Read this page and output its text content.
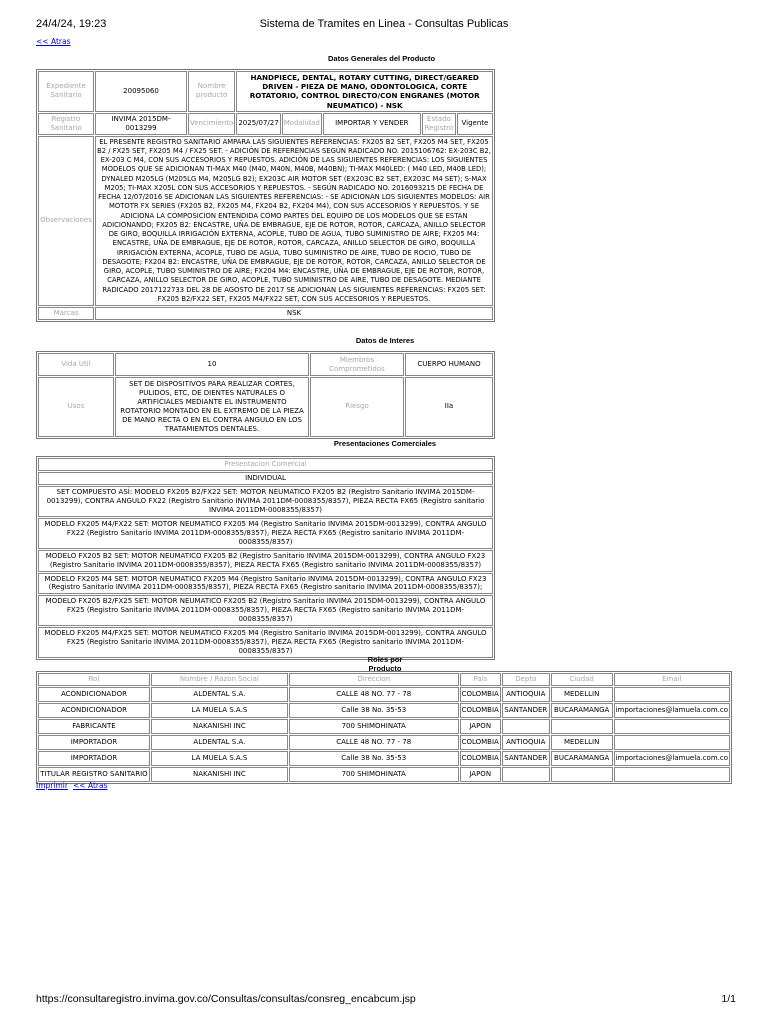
24/4/24, 19:23	Sistema de Tramites en Linea - Consultas Publicas
<< Atras
Datos Generales del Producto
Expediente Sanitario	20095060	Nombre producto	HANDPIECE, DENTAL, ROTARY CUTTING, DIRECT/GEARED DRIVEN - PIEZA DE MANO, ODONTOLOGICA, CORTE ROTATORIO, CONTROL DIRECTO/CON ENGRANES (MOTOR NEUMATICO) - NSK				
Registro Sanitario	INVIMA 2015DM-0013299	Vencimiento	2025/07/27	Modalidad	IMPORTAR Y VENDER	Estado Registro	Vigente
Observaciones	EL PRESENTE REGISTRO SANITARIO AMPARA LAS SIGUIENTES REFERENCIAS: FX205 B2 SET, FX205 M4 SET, FX205 B2 / FX25 SET, FX205 M4 / FX25 SET. - ADICIÓN DE REFERENCIAS SEGÚN RADICADO NO. 2015106762: EX-203C B2, EX-203 C M4, CON SUS ACCESORIOS Y REPUESTOS. ADICIÓN DE LAS SIGUIENTES REFERENCIAS: LOS SIGUIENTES MODELOS QUE SE ADICIONAN TI-MAX M40 (M40, M40N, M40B, M40BN); TI-MAX M40LED: ( M40 LED, M40B LED); DYNALED M205LG (M205LG M4, M205LG B2); EX203C AIR MOTOR SET (EX203C B2 SET, EX203C M4 SET); S-MAX M205; TI-MAX X205L CON SUS ACCESORIOS Y REPUESTOS. - SEGÚN RADICADO NO. 2016093215 DE FECHA DE FECHA 12/07/2016 SE ADICIONAN LAS SIGUIENTES REFERENCIAS: - SE ADICIONAN LOS SIGUIENTES MODELOS: AIR MOTOTR FX SERIES (FX205 B2, FX205 M4, FX204 B2, FX204 M4), CON SUS ACCESORIOS Y REPUESTOS. Y SE ADICIONA LA COMPOSICION ENTENDIDA COMO PARTES DEL EQUIPO DE LOS MODELOS QUE SE ESTAN ADICIONANDO; FX205 B2: ENCASTRE, UÑA DE EMBRAGUE, EJE DE ROTOR, ROTOR, CARCAZA, ANILLO SELECTOR DE GIRO, BOQUILLA IRRIGACIÓN EXTERNA, ACOPLE, TUBO DE AGUA, TUBO SUMINISTRO DE AIRE; FX205 M4: ENCASTRE, UÑA DE EMBRAGUE, EJE DE ROTOR, ROTOR, CARCAZA, ANILLO SELECTOR DE GIRO, BOQUILLA IRRIGACIÓN EXTERNA, ACOPLE, TUBO DE AGUA, TUBO SUMINISTRO DE AIRE, TUBO DE ROCIO, TUBO DE DESAGOTE; FX204 B2: ENCASTRE, UÑA DE EMBRAGUE, EJE DE ROTOR, ROTOR, CARCAZA, ANILLO SELECTOR DE GIRO, ACOPLE, TUBO SUMINISTRO DE AIRE; FX204 M4: ENCASTRE, UÑA DE EMBRAGUE, EJE DE ROTOR, ROTOR, CARCAZA, ANILLO SELECTOR DE GIRO, ACOPLE, TUBO SUMINISTRO DE AIRE, TUBO DE DESAGOTE. MEDIANTE RADICADO 2017122733 DEL 28 DE AGOSTO DE 2017 SE ADICIONAN LAS SIGUIENTES REFERENCIAS: FX205 SET: FX205 B2/FX22 SET, FX205 M4/FX22 SET, CON SUS ACCESORIOS Y REPUESTOS.						
Marcas	NSK						
Datos de Interes
Vida Util	10	Miembros Comprometidos	CUERPO HUMANO
Usos	SET DE DISPOSITIVOS PARA REALIZAR CORTES, PULIDOS, ETC, DE DIENTES NATURALES O ARTIFICIALES MEDIANTE EL INSTRUMENTO ROTATORIO MONTADO EN EL EXTREMO DE LA PIEZA DE MANO RECTA O EN EL CONTRA ANGULO EN LOS TRATAMIENTOS DENTALES.	Riesgo	IIa
Presentaciones Comerciales
Presentacion Comercial
INDIVIDUAL
SET COMPUESTO ASÍ: MODELO FX205 B2/FX22 SET: MOTOR NEUMATICO FX205 B2 (Registro Sanitario INVIMA 2015DM-0013299), CONTRA ANGULO FX22 (Registro Sanitario INVIMA 2011DM-0008355/8357), PIEZA RECTA FX65 (Registro sanitario INVIMA 2011DM-0008355/8357)
MODELO FX205 M4/FX22 SET: MOTOR NEUMATICO FX205 M4 (Registro Sanitario INVIMA 2015DM-0013299), CONTRA ANGULO FX22 (Registro Sanitario INVIMA 2011DM-0008355/8357), PIEZA RECTA FX65 (Registro sanitario INVIMA 2011DM-0008355/8357)
MODELO FX205 B2 SET: MOTOR NEUMATICO FX205 B2 (Registro Sanitario INVIMA 2015DM-0013299), CONTRA ANGULO FX23 (Registro Sanitario INVIMA 2011DM-0008355/8357), PIEZA RECTA FX65 (Registro sanitario INVIMA 2011DM-0008355/8357)
MODELO FX205 M4 SET: MOTOR NEUMATICO FX205 M4 (Registro Sanitario INVIMA 2015DM-0013299), CONTRA ANGULO FX23 (Registro Sanitario INVIMA 2011DM-0008355/8357), PIEZA RECTA FX65 (Registro sanitario INVIMA 2011DM-0008355/8357);
MODELO FX205 B2/FX25 SET: MOTOR NEUMATICO FX205 B2 (Registro Sanitario INVIMA 2015DM-0013299), CONTRA ANGULO FX25 (Registro Sanitario INVIMA 2011DM-0008355/8357), PIEZA RECTA FX65 (Registro sanitario INVIMA 2011DM-0008355/8357)
MODELO FX205 M4/FX25 SET: MOTOR NEUMATICO FX205 M4 (Registro Sanitario INVIMA 2015DM-0013299), CONTRA ANGULO FX25 (Registro Sanitario INVIMA 2011DM-0008355/8357), PIEZA RECTA FX65 (Registro sanitario INVIMA 2011DM-0008355/8357)
Roles por Producto
Rol	Nombre / Razon Social	Direccion	Pais	Depto	Ciudad	Email
ACONDICIONADOR	ALDENTAL S.A.	CALLE 48 NO. 77 - 78	COLOMBIA	ANTIOQUIA	MEDELLIN	
ACONDICIONADOR	LA MUELA S.A.S	Calle 38 No. 35-53	COLOMBIA	SANTANDER	BUCARAMANGA	importaciones@lamuela.com.co
FABRICANTE	NAKANISHI INC	700 SHIMOHINATA	JAPON			
IMPORTADOR	ALDENTAL S.A.	CALLE 48 NO. 77 - 78	COLOMBIA	ANTIOQUIA	MEDELLIN	
IMPORTADOR	LA MUELA S.A.S	Calle 38 No. 35-53	COLOMBIA	SANTANDER	BUCARAMANGA	importaciones@lamuela.com.co
TITULAR REGISTRO SANITARIO	NAKANISHI INC	700 SHIMOHINATA	JAPON			
Imprimir << Atras
https://consultaregistro.invima.gov.co/Consultas/consultas/consreg_encabcum.jsp	1/1
